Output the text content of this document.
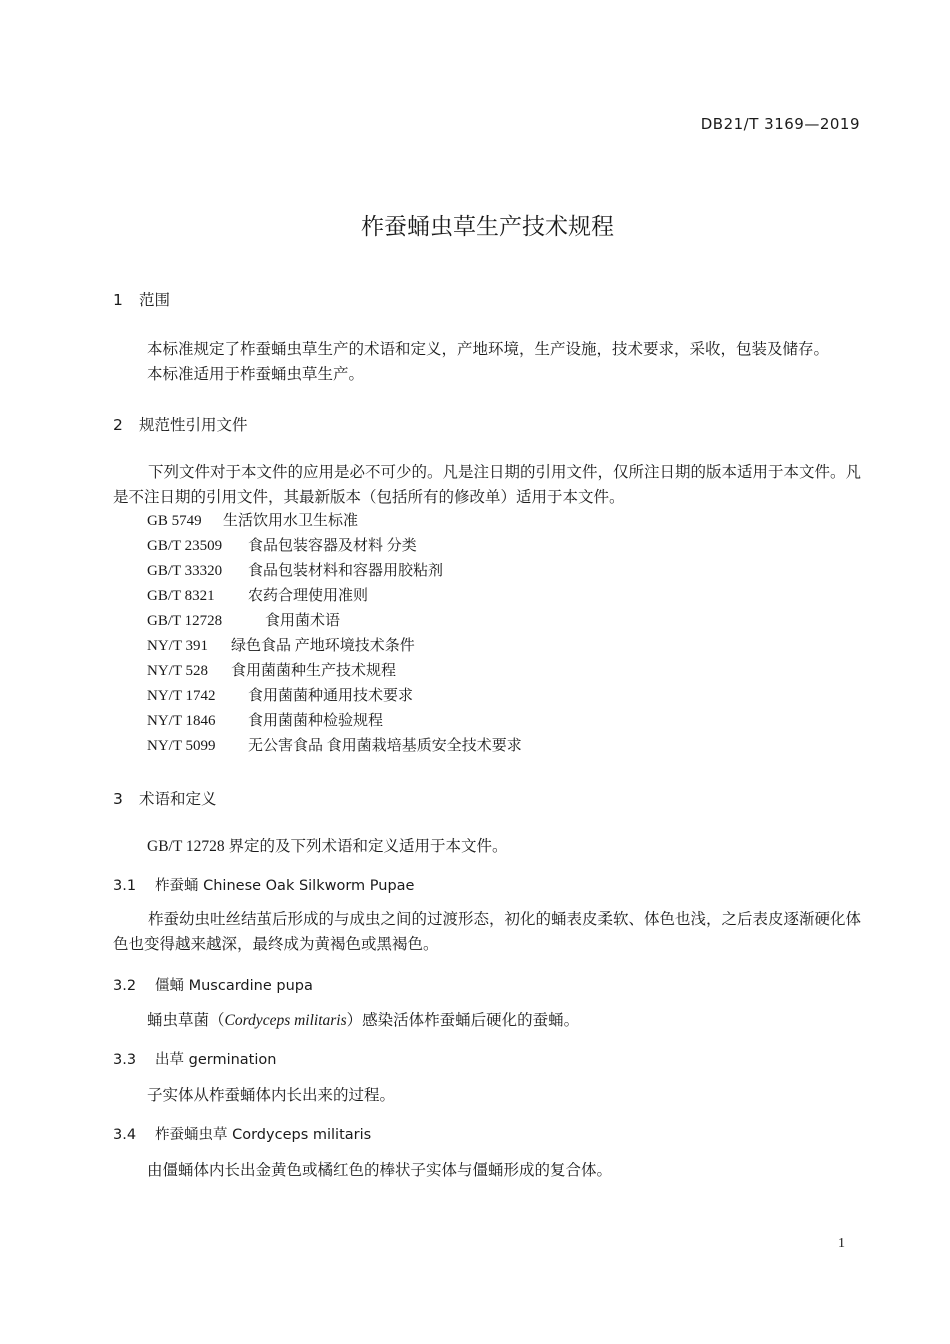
DB21/T 3169—2019
柞蚕蛹虫草生产技术规程
1 范围
本标准规定了柞蚕蛹虫草生产的术语和定义，产地环境，生产设施，技术要求，采收，包装及储存。
本标准适用于柞蚕蛹虫草生产。
2 规范性引用文件
下列文件对于本文件的应用是必不可少的。凡是注日期的引用文件，仅所注日期的版本适用于本文件。凡是不注日期的引用文件，其最新版本（包括所有的修改单）适用于本文件。
GB 5749 生活饮用水卫生标准
GB/T 23509 食品包装容器及材料 分类
GB/T 33320 食品包装材料和容器用胶粘剂
GB/T 8321 农药合理使用准则
GB/T 12728	食用菌术语
NY/T 391 绿色食品 产地环境技术条件
NY/T 528 食用菌菌种生产技术规程
NY/T 1742 食用菌菌种通用技术要求
NY/T 1846 食用菌菌种检验规程
NY/T 5099 无公害食品 食用菌栽培基质安全技术要求
3 术语和定义
GB/T 12728 界定的及下列术语和定义适用于本文件。
3.1 柞蚕蛹 Chinese Oak Silkworm Pupae
柞蚕幼虫吐丝结茧后形成的与成虫之间的过渡形态，初化的蛹表皮柔软、体色也浅，之后表皮逐渐硬化体色也变得越来越深，最终成为黄褐色或黑褐色。
3.2 僵蛹 Muscardine pupa
蛹虫草菌（Cordyceps militaris）感染活体柞蚕蛹后硬化的蚕蛹。
3.3 出草 germination
子实体从柞蚕蛹体内长出来的过程。
3.4 柞蚕蛹虫草 Cordyceps militaris
由僵蛹体内长出金黄色或橘红色的棒状子实体与僵蛹形成的复合体。
1
